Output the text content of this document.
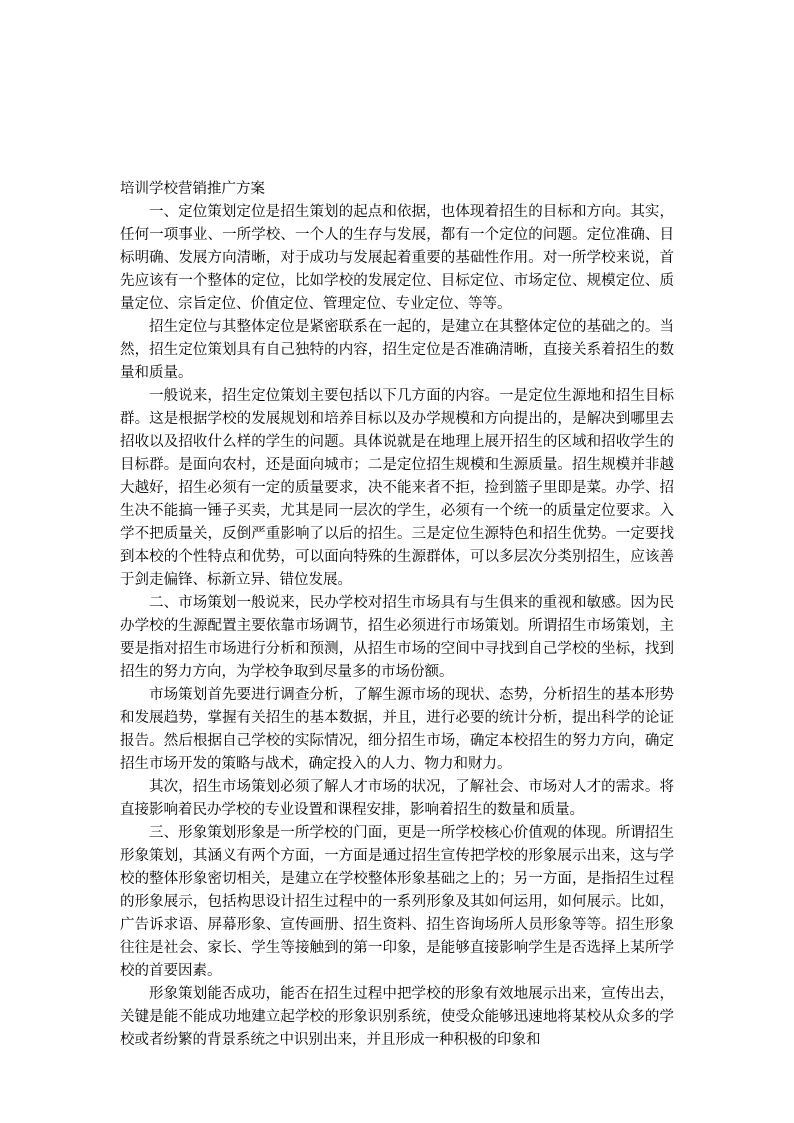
培训学校营销推广方案

一、定位策划定位是招生策划的起点和依据，也体现着招生的目标和方向。其实，任何一项事业、一所学校、一个人的生存与发展，都有一个定位的问题。定位准确、目标明确、发展方向清晰，对于成功与发展起着重要的基础性作用。对一所学校来说，首先应该有一个整体的定位，比如学校的发展定位、目标定位、市场定位、规模定位、质量定位、宗旨定位、价值定位、管理定位、专业定位、等等。

招生定位与其整体定位是紧密联系在一起的，是建立在其整体定位的基础之的。当然，招生定位策划具有自己独特的内容，招生定位是否准确清晰，直接关系着招生的数量和质量。

一般说来，招生定位策划主要包括以下几方面的内容。一是定位生源地和招生目标群。这是根据学校的发展规划和培养目标以及办学规模和方向提出的，是解决到哪里去招收以及招收什么样的学生的问题。具体说就是在地理上展开招生的区域和招收学生的目标群。是面向农村，还是面向城市；二是定位招生规模和生源质量。招生规模并非越大越好，招生必须有一定的质量要求，决不能来者不拒，捡到篮子里即是菜。办学、招生决不能搞一锤子买卖，尤其是同一层次的学生，必须有一个统一的质量定位要求。入学不把质量关，反倒严重影响了以后的招生。三是定位生源特色和招生优势。一定要找到本校的个性特点和优势，可以面向特殊的生源群体，可以多层次分类别招生，应该善于剑走偏锋、标新立异、错位发展。

二、市场策划一般说来，民办学校对招生市场具有与生俱来的重视和敏感。因为民办学校的生源配置主要依靠市场调节，招生必须进行市场策划。所谓招生市场策划，主要是指对招生市场进行分析和预测，从招生市场的空间中寻找到自己学校的坐标，找到招生的努力方向，为学校争取到尽量多的市场份额。

市场策划首先要进行调查分析，了解生源市场的现状、态势，分析招生的基本形势和发展趋势，掌握有关招生的基本数据，并且，进行必要的统计分析，提出科学的论证报告。然后根据自己学校的实际情况，细分招生市场，确定本校招生的努力方向，确定招生市场开发的策略与战术，确定投入的人力、物力和财力。

其次，招生市场策划必须了解人才市场的状况，了解社会、市场对人才的需求。将直接影响着民办学校的专业设置和课程安排，影响着招生的数量和质量。

三、形象策划形象是一所学校的门面，更是一所学校核心价值观的体现。所谓招生形象策划，其涵义有两个方面，一方面是通过招生宣传把学校的形象展示出来，这与学校的整体形象密切相关，是建立在学校整体形象基础之上的；另一方面，是指招生过程的形象展示，包括构思设计招生过程中的一系列形象及其如何运用，如何展示。比如，广告诉求语、屏幕形象、宣传画册、招生资料、招生咨询场所人员形象等等。招生形象往往是社会、家长、学生等接触到的第一印象，是能够直接影响学生是否选择上某所学校的首要因素。

形象策划能否成功，能否在招生过程中把学校的形象有效地展示出来，宣传出去，关键是能不能成功地建立起学校的形象识别系统，使受众能够迅速地将某校从众多的学校或者纷繁的背景系统之中识别出来，并且形成一种积极的印象和
